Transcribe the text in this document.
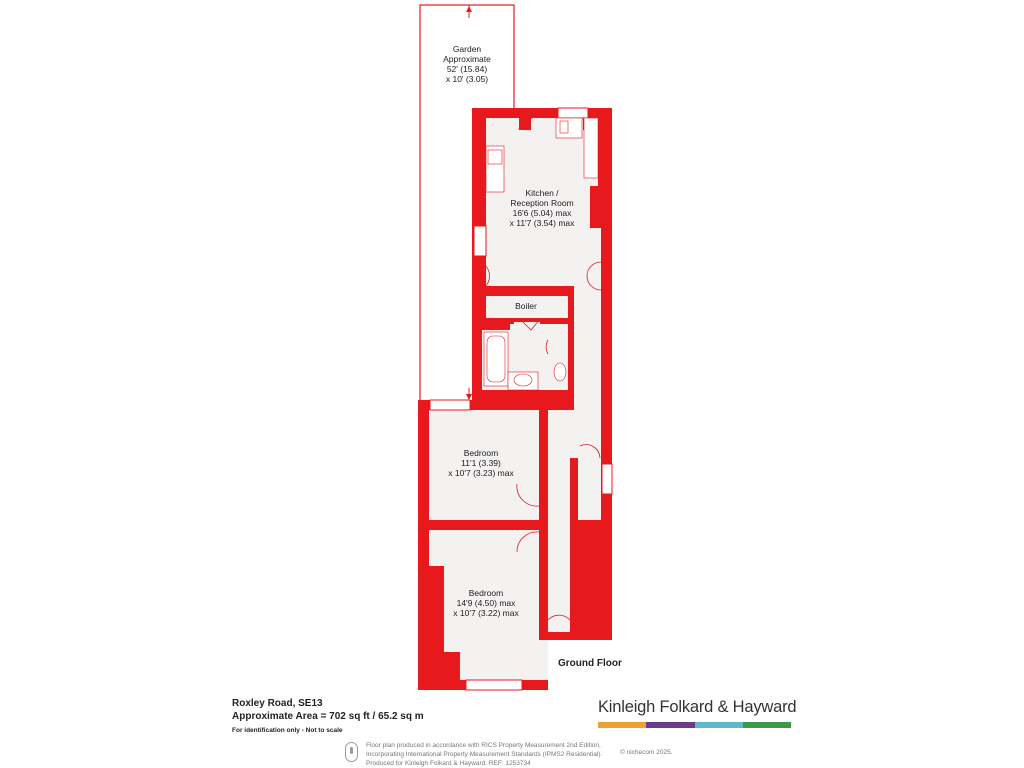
Garden
Approximate
52' (15.84)
x 10' (3.05)
Kitchen /
Reception Room
16'6 (5.04) max
x 11'7 (3.54) max
Boiler
Bedroom
11'1 (3.39)
x 10'7 (3.23) max
Bedroom
14'9 (4.50) max
x 10'7 (3.22) max
Ground Floor
Roxley Road, SE13
Approximate Area = 702 sq ft / 65.2 sq m
For identification only - Not to scale
Kinleigh Folkard & Hayward
Floor plan produced in accordance with RICS Property Measurement 2nd Edition,
Incorporating International Property Measurement Standards (IPMS2 Residential).
Produced for Kinleigh Folkard & Hayward. REF: 1253734
© nichecom 2025.
